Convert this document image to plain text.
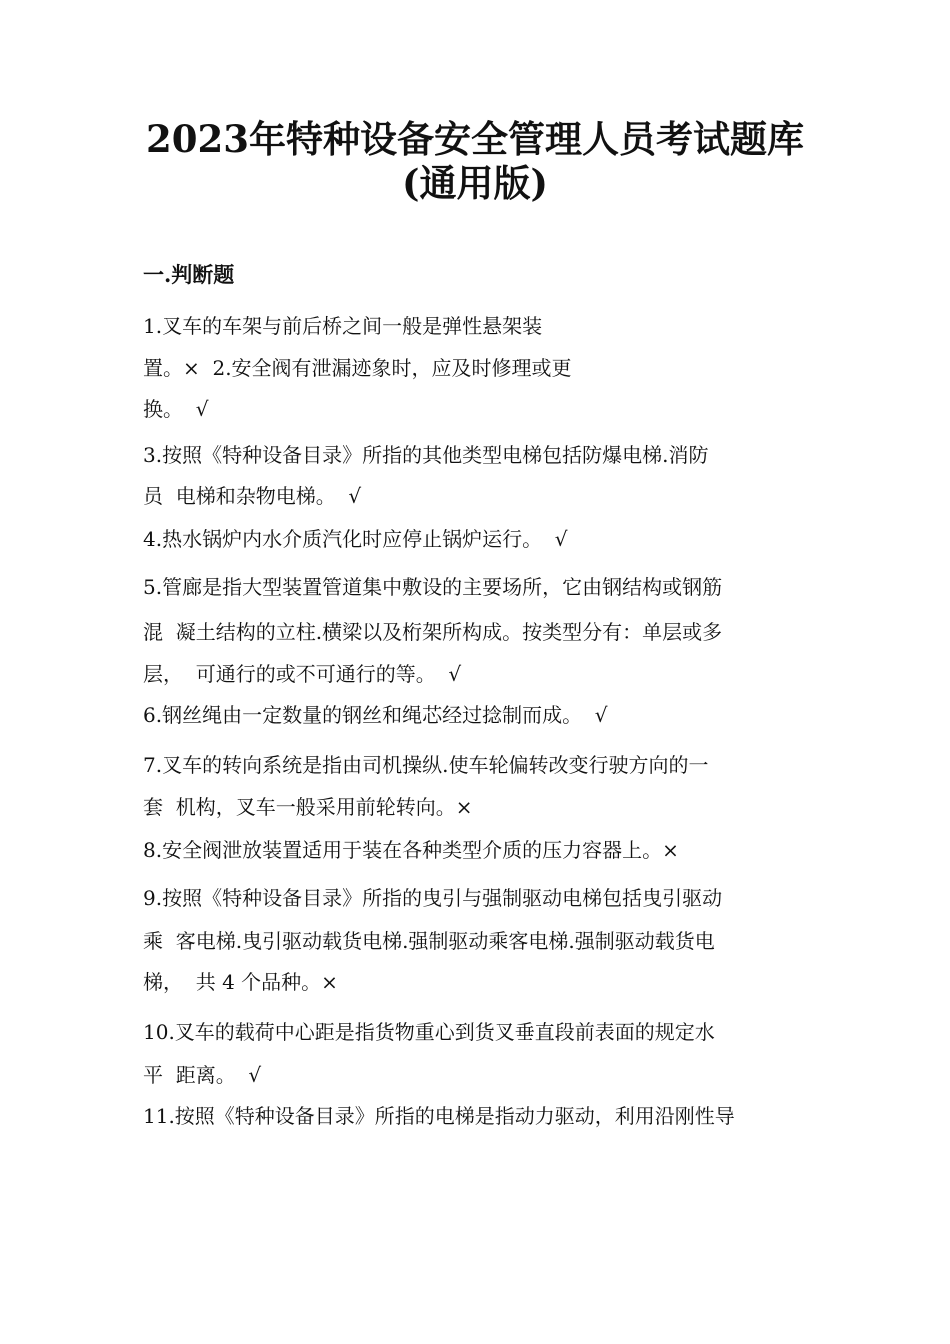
2023年特种设备安全管理人员考试题库
(通用版)
一.判断题
1.叉车的车架与前后桥之间一般是弹性悬架装
置。×  2.安全阀有泄漏迹象时，应及时修理或更
换。  √
3.按照《特种设备目录》所指的其他类型电梯包括防爆电梯.消防
员  电梯和杂物电梯。  √
4.热水锅炉内水介质汽化时应停止锅炉运行。  √
5.管廊是指大型装置管道集中敷设的主要场所，它由钢结构或钢筋
混  凝土结构的立柱.横梁以及桁架所构成。按类型分有：单层或多
层，  可通行的或不可通行的等。  √
6.钢丝绳由一定数量的钢丝和绳芯经过捻制而成。  √
7.叉车的转向系统是指由司机操纵.使车轮偏转改变行驶方向的一
套  机构，叉车一般采用前轮转向。×
8.安全阀泄放装置适用于装在各种类型介质的压力容器上。×
9.按照《特种设备目录》所指的曳引与强制驱动电梯包括曳引驱动
乘  客电梯.曳引驱动载货电梯.强制驱动乘客电梯.强制驱动载货电
梯，  共 4 个品种。×
10.叉车的载荷中心距是指货物重心到货叉垂直段前表面的规定水
平  距离。  √
11.按照《特种设备目录》所指的电梯是指动力驱动，利用沿刚性导
